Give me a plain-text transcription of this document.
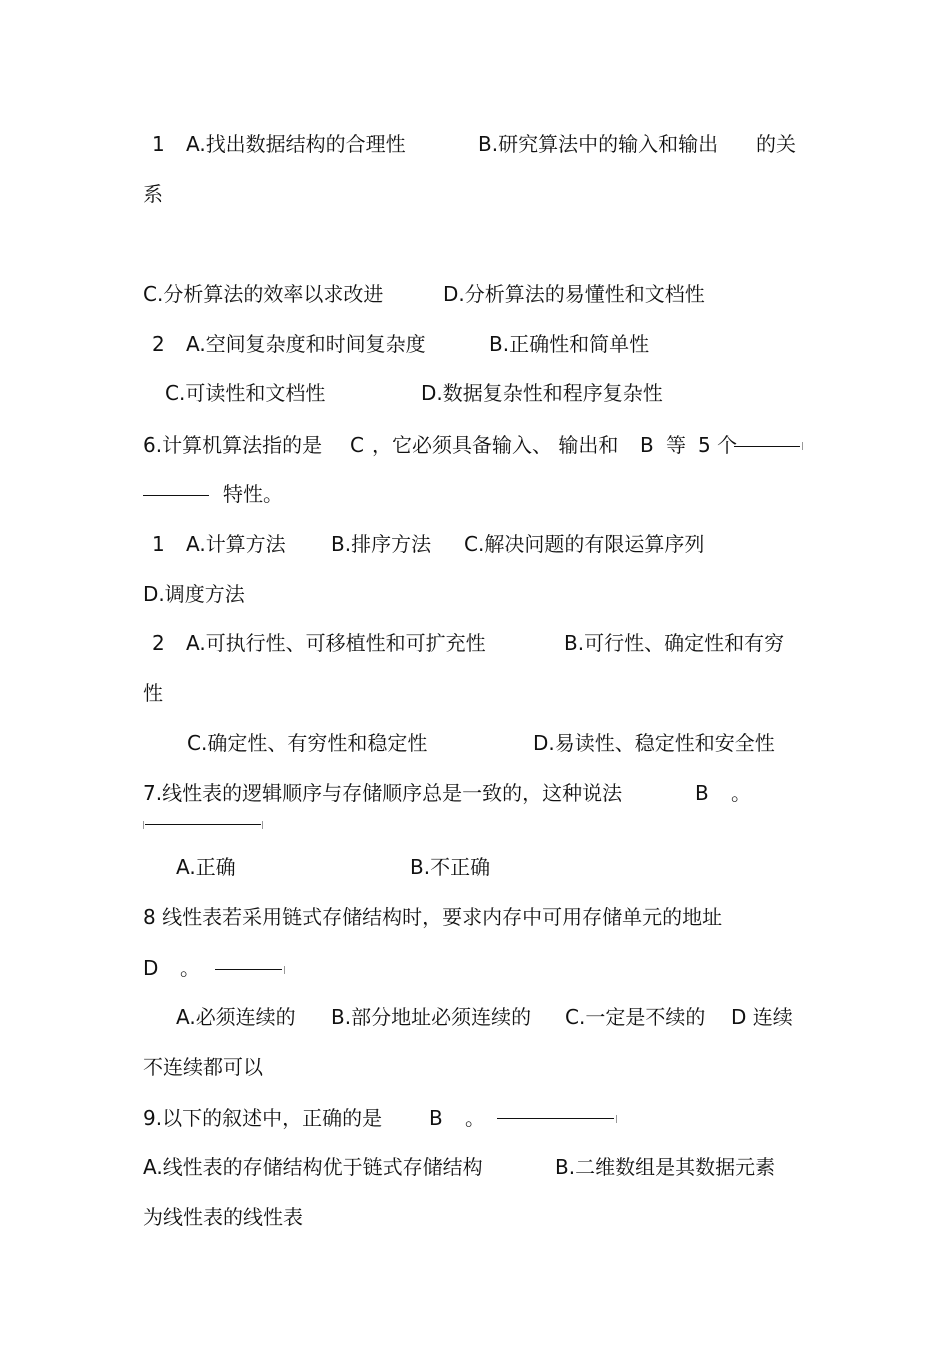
1 A.找出数据结构的合理性	B.研究算法中的输入和输出 的关

系

C.分析算法的效率以求改进	D.分析算法的易懂性和文档性

2 A.空间复杂度和时间复杂度	B.正确性和简单性

C.可读性和文档性	D.数据复杂性和程序复杂性

6.计算机算法指的是 C ，它必须具备输入、 输出和 B 等 5 个

特性。

1 A.计算方法 B.排序方法 C.解决问题的有限运算序列

D.调度方法

2 A.可执行性、可移植性和可扩充性	B.可行性、确定性和有穷

性

C.确定性、有穷性和稳定性	D.易读性、稳定性和安全性

7.线性表的逻辑顺序与存储顺序总是一致的，这种说法	B 。

A.正确	B.不正确

8 线性表若采用链式存储结构时，要求内存中可用存储单元的地址

D 。

A.必须连续的 B.部分地址必须连续的 C.一定是不续的 D 连续

不连续都可以

9.以下的叙述中，正确的是 B 。

A.线性表的存储结构优于链式存储结构	B.二维数组是其数据元素

为线性表的线性表
